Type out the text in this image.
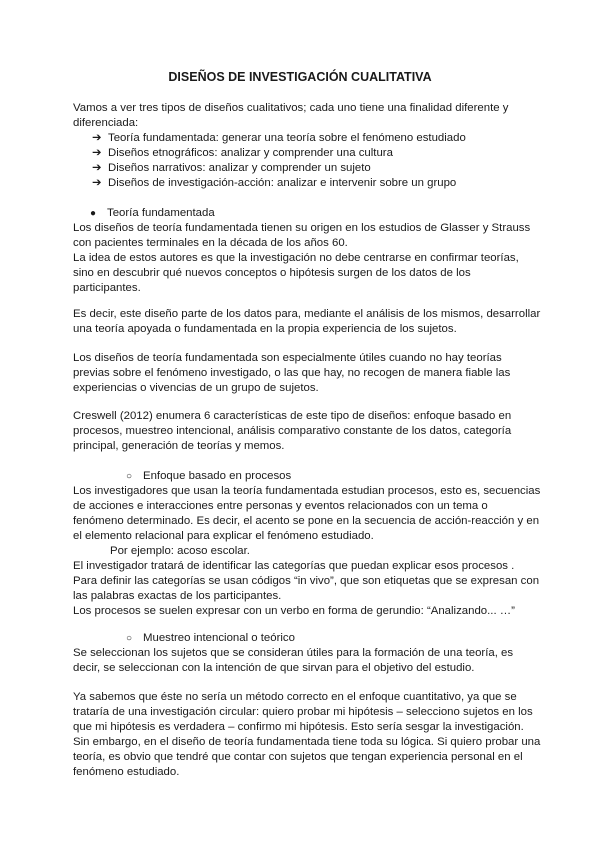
DISEÑOS DE INVESTIGACIÓN CUALITATIVA
Vamos a ver tres tipos de diseños cualitativos; cada uno tiene una finalidad diferente y
diferenciada:
➔ Teoría fundamentada: generar una teoría sobre el fenómeno estudiado
➔ Diseños etnográficos: analizar y comprender una cultura
➔ Diseños narrativos: analizar y comprender un sujeto
➔ Diseños de investigación-acción: analizar e intervenir sobre un grupo
● Teoría fundamentada
Los diseños de teoría fundamentada tienen su origen en los estudios de Glasser y Strauss
con pacientes terminales en la década de los años 60.
La idea de estos autores es que la investigación no debe centrarse en confirmar teorías,
sino en descubrir qué nuevos conceptos o hipótesis surgen de los datos de los
participantes.
Es decir, este diseño parte de los datos para, mediante el análisis de los mismos, desarrollar
una teoría apoyada o fundamentada en la propia experiencia de los sujetos.
Los diseños de teoría fundamentada son especialmente útiles cuando no hay teorías
previas sobre el fenómeno investigado, o las que hay, no recogen de manera fiable las
experiencias o vivencias de un grupo de sujetos.
Creswell (2012) enumera 6 características de este tipo de diseños: enfoque basado en
procesos, muestreo intencional, análisis comparativo constante de los datos, categoría
principal, generación de teorías y memos.
○ Enfoque basado en procesos
Los investigadores que usan la teoría fundamentada estudian procesos, esto es, secuencias
de acciones e interacciones entre personas y eventos relacionados con un tema o
fenómeno determinado. Es decir, el acento se pone en la secuencia de acción-reacción y en
el elemento relacional para explicar el fenómeno estudiado.
Por ejemplo: acoso escolar.
El investigador tratará de identificar las categorías que puedan explicar esos procesos .
Para definir las categorías se usan códigos “in vivo”, que son etiquetas que se expresan con
las palabras exactas de los participantes.
Los procesos se suelen expresar con un verbo en forma de gerundio: “Analizando... …”
○ Muestreo intencional o teórico
Se seleccionan los sujetos que se consideran útiles para la formación de una teoría, es
decir, se seleccionan con la intención de que sirvan para el objetivo del estudio.
Ya sabemos que éste no sería un método correcto en el enfoque cuantitativo, ya que se
trataría de una investigación circular: quiero probar mi hipótesis – selecciono sujetos en los
que mi hipótesis es verdadera – confirmo mi hipótesis. Esto sería sesgar la investigación.
Sin embargo, en el diseño de teoría fundamentada tiene toda su lógica. Si quiero probar una
teoría, es obvio que tendré que contar con sujetos que tengan experiencia personal en el
fenómeno estudiado.
